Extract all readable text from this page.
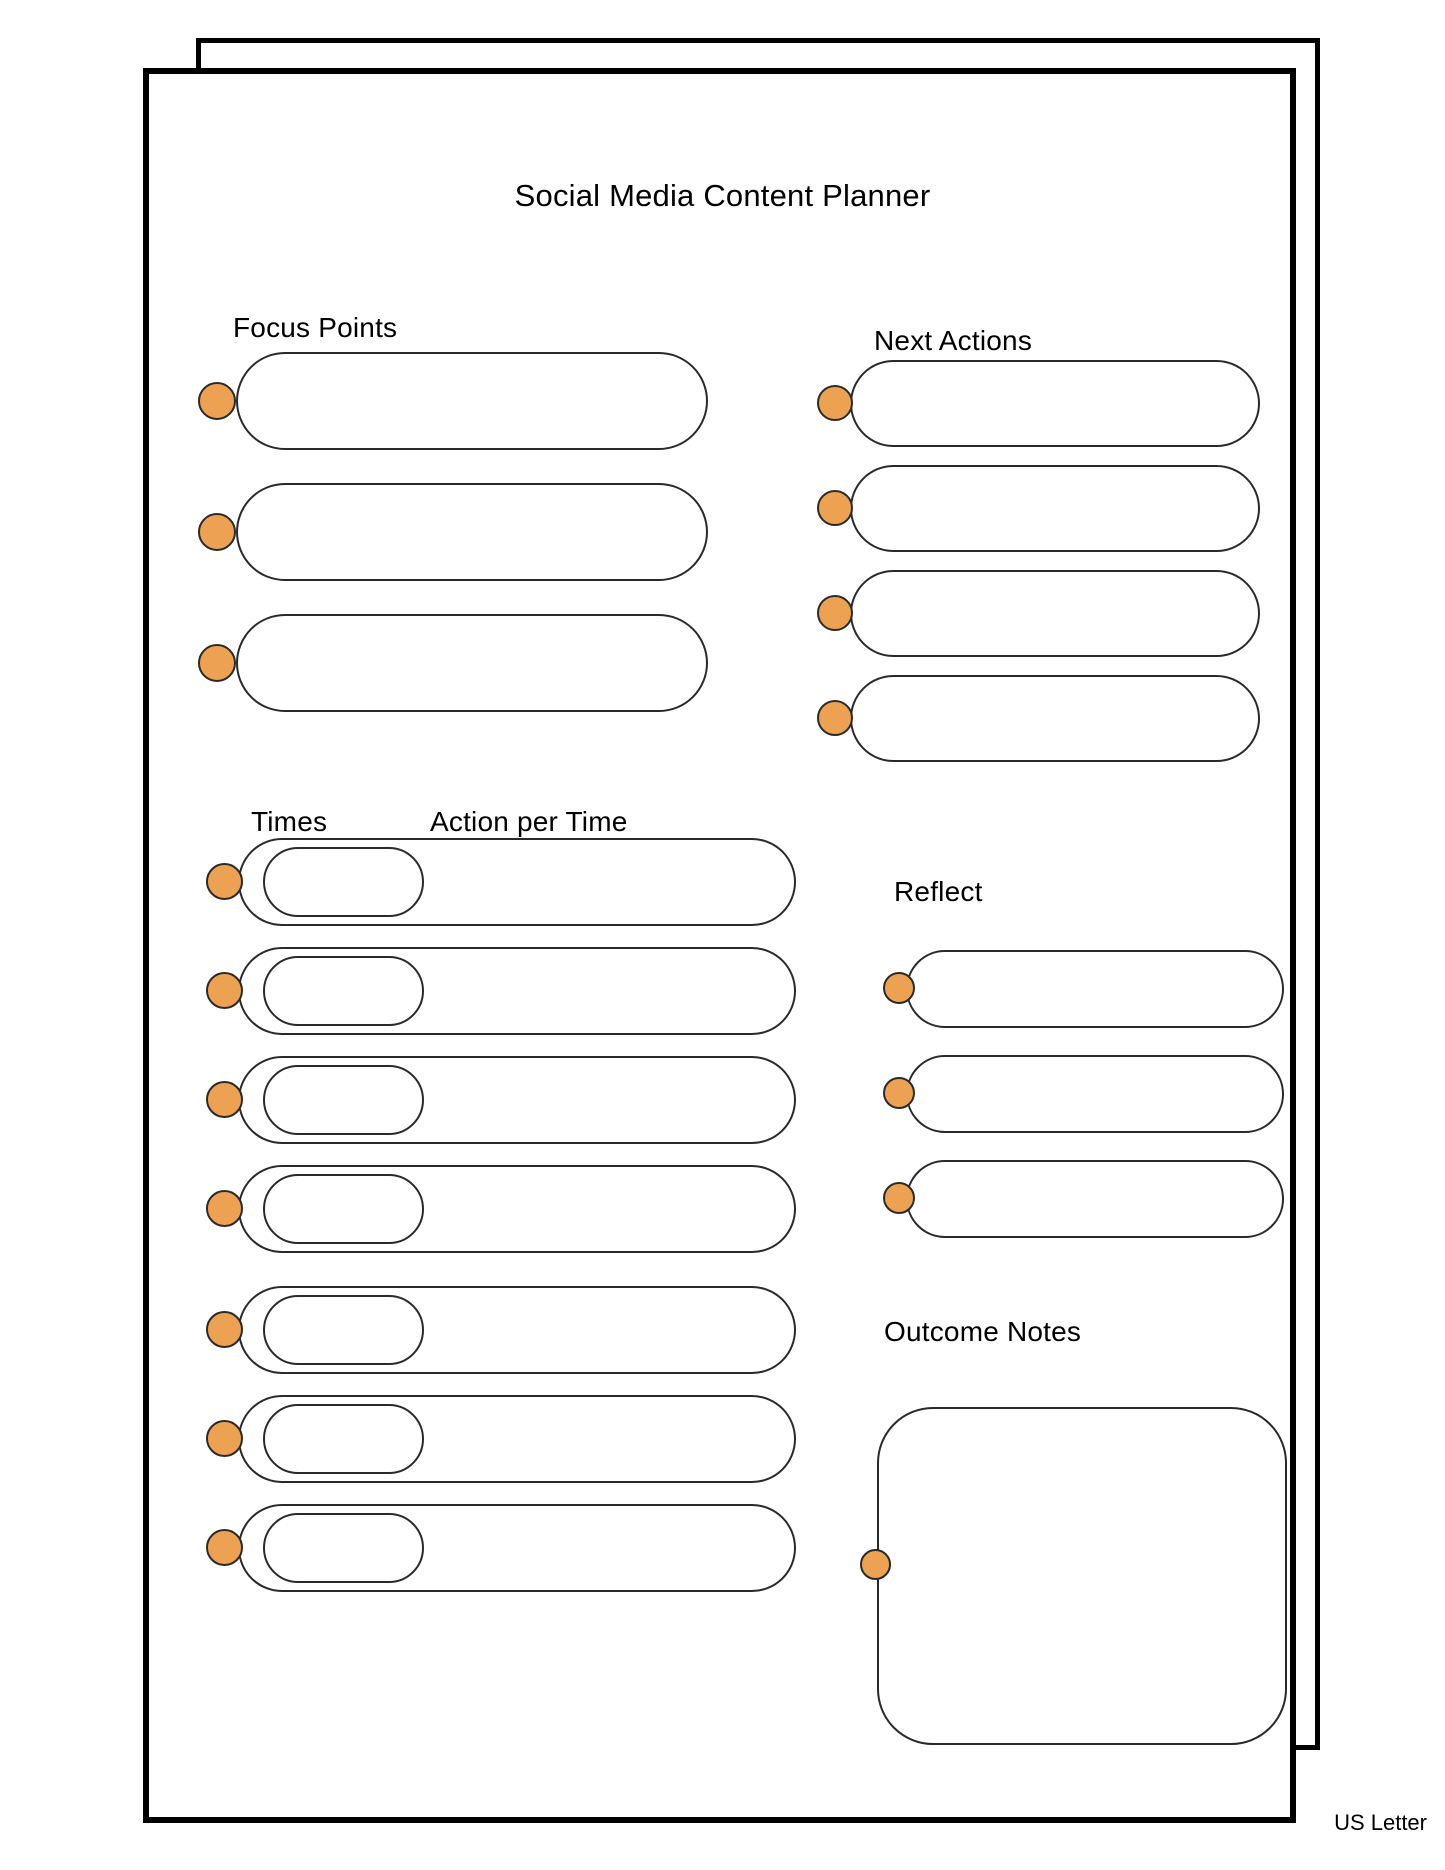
Social Media Content Planner
Focus Points	Next Actions
Times	Action per Time
Reflect
Outcome Notes
US Letter
